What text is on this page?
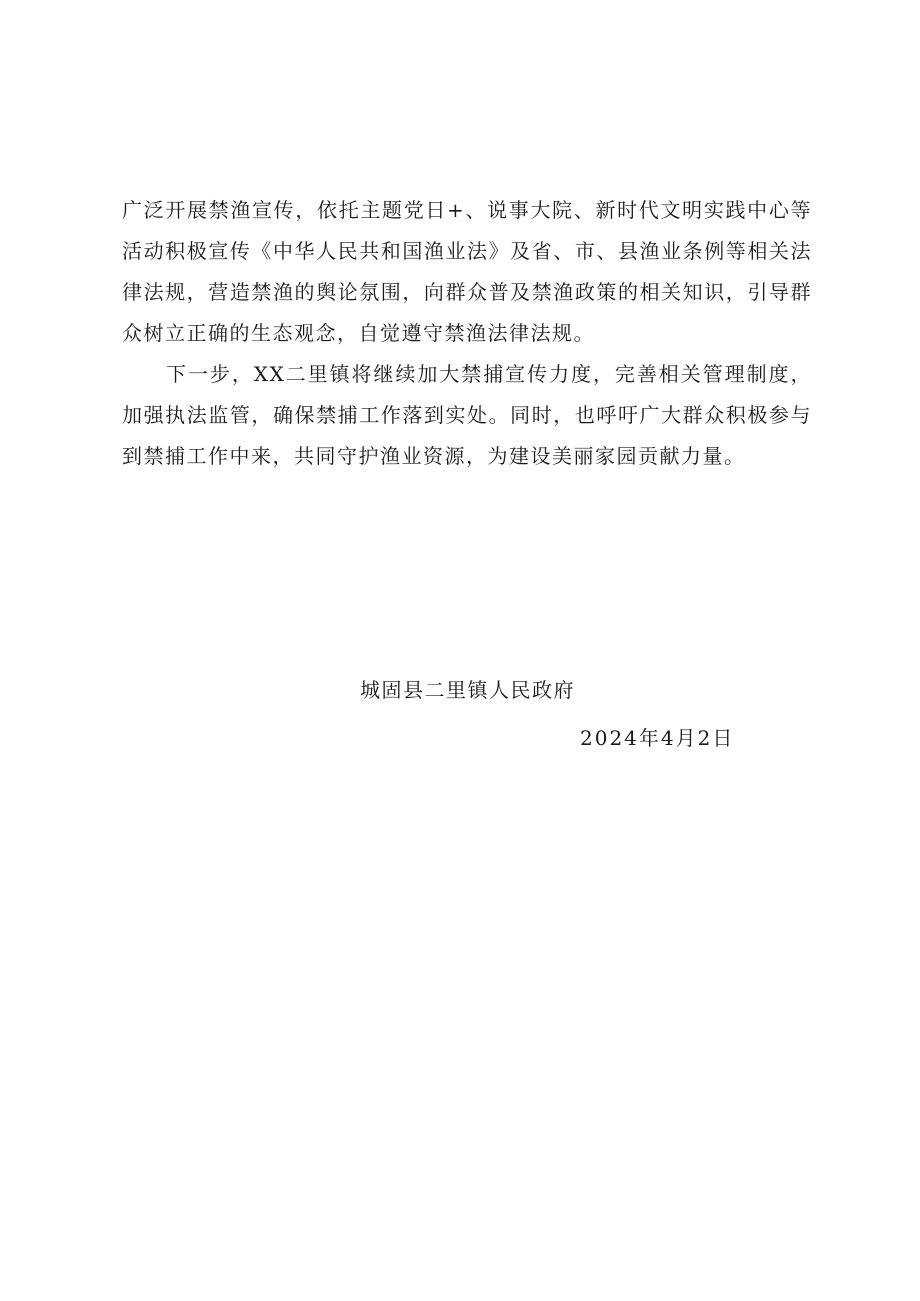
广泛开展禁渔宣传，依托主题党日+、说事大院、新时代文明实践中心等活动积极宣传《中华人民共和国渔业法》及省、市、县渔业条例等相关法律法规，营造禁渔的舆论氛围，向群众普及禁渔政策的相关知识，引导群众树立正确的生态观念，自觉遵守禁渔法律法规。

下一步，XX二里镇将继续加大禁捕宣传力度，完善相关管理制度，加强执法监管，确保禁捕工作落到实处。同时，也呼吁广大群众积极参与到禁捕工作中来，共同守护渔业资源，为建设美丽家园贡献力量。

城固县二里镇人民政府
2024年4月2日
